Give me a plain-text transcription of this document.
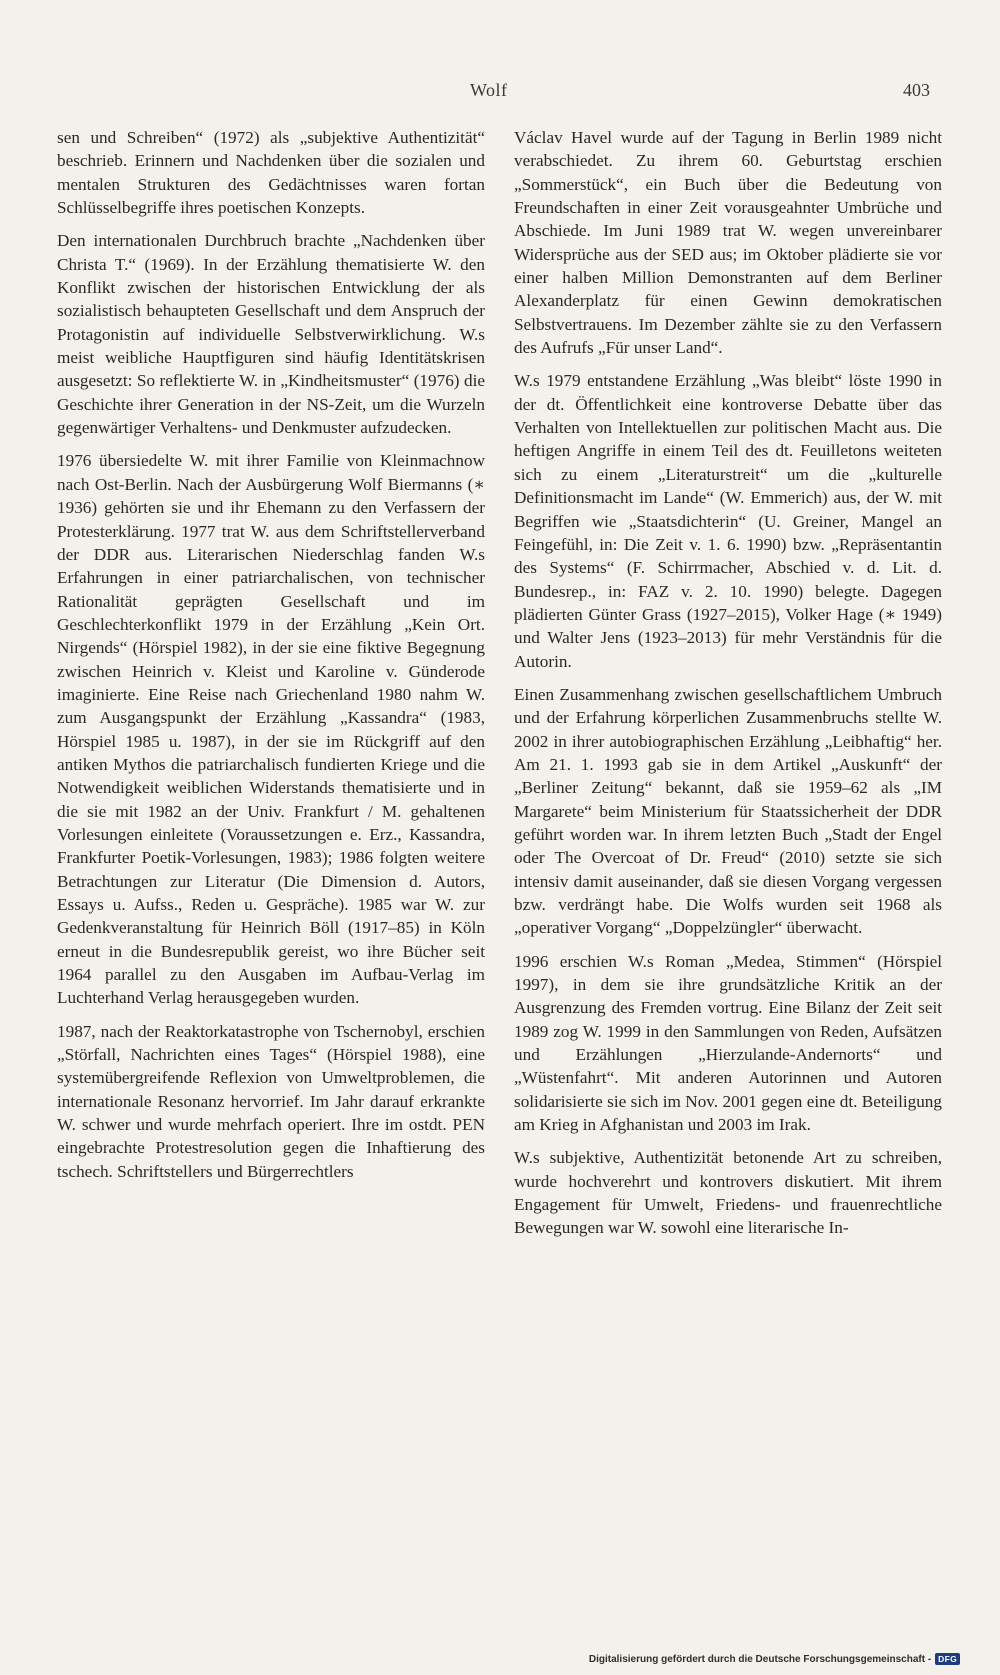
Wolf	403

sen und Schreiben“ (1972) als „subjektive Authentizität“ beschrieb. Erinnern und Nachdenken über die sozialen und mentalen Strukturen des Gedächtnisses waren fortan Schlüsselbegriffe ihres poetischen Konzepts.

Den internationalen Durchbruch brachte „Nachdenken über Christa T.“ (1969). In der Erzählung thematisierte W. den Konflikt zwischen der historischen Entwicklung der als sozialistisch behaupteten Gesellschaft und dem Anspruch der Protagonistin auf individuelle Selbstverwirklichung. W.s meist weibliche Hauptfiguren sind häufig Identitätskrisen ausgesetzt: So reflektierte W. in „Kindheitsmuster“ (1976) die Geschichte ihrer Generation in der NS-Zeit, um die Wurzeln gegenwärtiger Verhaltens- und Denkmuster aufzudecken.

1976 übersiedelte W. mit ihrer Familie von Kleinmachnow nach Ost-Berlin. Nach der Ausbürgerung Wolf Biermanns (∗ 1936) gehörten sie und ihr Ehemann zu den Verfassern der Protesterklärung. 1977 trat W. aus dem Schriftstellerverband der DDR aus. Literarischen Niederschlag fanden W.s Erfahrungen in einer patriarchalischen, von technischer Rationalität geprägten Gesellschaft und im Geschlechterkonflikt 1979 in der Erzählung „Kein Ort. Nirgends“ (Hörspiel 1982), in der sie eine fiktive Begegnung zwischen Heinrich v. Kleist und Karoline v. Günderode imaginierte. Eine Reise nach Griechenland 1980 nahm W. zum Ausgangspunkt der Erzählung „Kassandra“ (1983, Hörspiel 1985 u. 1987), in der sie im Rückgriff auf den antiken Mythos die patriarchalisch fundierten Kriege und die Notwendigkeit weiblichen Widerstands thematisierte und in die sie mit 1982 an der Univ. Frankfurt / M. gehaltenen Vorlesungen einleitete (Voraussetzungen e. Erz., Kassandra, Frankfurter Poetik-Vorlesungen, 1983); 1986 folgten weitere Betrachtungen zur Literatur (Die Dimension d. Autors, Essays u. Aufss., Reden u. Gespräche). 1985 war W. zur Gedenkveranstaltung für Heinrich Böll (1917–85) in Köln erneut in die Bundesrepublik gereist, wo ihre Bücher seit 1964 parallel zu den Ausgaben im Aufbau-Verlag im Luchterhand Verlag herausgegeben wurden.

1987, nach der Reaktorkatastrophe von Tschernobyl, erschien „Störfall, Nachrichten eines Tages“ (Hörspiel 1988), eine systemübergreifende Reflexion von Umweltproblemen, die internationale Resonanz hervorrief. Im Jahr darauf erkrankte W. schwer und wurde mehrfach operiert. Ihre im ostdt. PEN eingebrachte Protestresolution gegen die Inhaftierung des tschech. Schriftstellers und Bürgerrechtlers

Václav Havel wurde auf der Tagung in Berlin 1989 nicht verabschiedet. Zu ihrem 60. Geburtstag erschien „Sommerstück“, ein Buch über die Bedeutung von Freundschaften in einer Zeit vorausgeahnter Umbrüche und Abschiede. Im Juni 1989 trat W. wegen unvereinbarer Widersprüche aus der SED aus; im Oktober plädierte sie vor einer halben Million Demonstranten auf dem Berliner Alexanderplatz für einen Gewinn demokratischen Selbstvertrauens. Im Dezember zählte sie zu den Verfassern des Aufrufs „Für unser Land“.

W.s 1979 entstandene Erzählung „Was bleibt“ löste 1990 in der dt. Öffentlichkeit eine kontroverse Debatte über das Verhalten von Intellektuellen zur politischen Macht aus. Die heftigen Angriffe in einem Teil des dt. Feuilletons weiteten sich zu einem „Literaturstreit“ um die „kulturelle Definitionsmacht im Lande“ (W. Emmerich) aus, der W. mit Begriffen wie „Staatsdichterin“ (U. Greiner, Mangel an Feingefühl, in: Die Zeit v. 1. 6. 1990) bzw. „Repräsentantin des Systems“ (F. Schirrmacher, Abschied v. d. Lit. d. Bundesrep., in: FAZ v. 2. 10. 1990) belegte. Dagegen plädierten Günter Grass (1927–2015), Volker Hage (∗ 1949) und Walter Jens (1923–2013) für mehr Verständnis für die Autorin.

Einen Zusammenhang zwischen gesellschaftlichem Umbruch und der Erfahrung körperlichen Zusammenbruchs stellte W. 2002 in ihrer autobiographischen Erzählung „Leibhaftig“ her. Am 21. 1. 1993 gab sie in dem Artikel „Auskunft“ der „Berliner Zeitung“ bekannt, daß sie 1959–62 als „IM Margarete“ beim Ministerium für Staatssicherheit der DDR geführt worden war. In ihrem letzten Buch „Stadt der Engel oder The Overcoat of Dr. Freud“ (2010) setzte sie sich intensiv damit auseinander, daß sie diesen Vorgang vergessen bzw. verdrängt habe. Die Wolfs wurden seit 1968 als „operativer Vorgang“ „Doppelzüngler“ überwacht.

1996 erschien W.s Roman „Medea, Stimmen“ (Hörspiel 1997), in dem sie ihre grundsätzliche Kritik an der Ausgrenzung des Fremden vortrug. Eine Bilanz der Zeit seit 1989 zog W. 1999 in den Sammlungen von Reden, Aufsätzen und Erzählungen „Hierzulande-Andernorts“ und „Wüstenfahrt“. Mit anderen Autorinnen und Autoren solidarisierte sie sich im Nov. 2001 gegen eine dt. Beteiligung am Krieg in Afghanistan und 2003 im Irak.

W.s subjektive, Authentizität betonende Art zu schreiben, wurde hochverehrt und kontrovers diskutiert. Mit ihrem Engagement für Umwelt, Friedens- und frauenrechtliche Bewegungen war W. sowohl eine literarische In-

Digitalisierung gefördert durch die Deutsche Forschungsgemeinschaft - DFG
